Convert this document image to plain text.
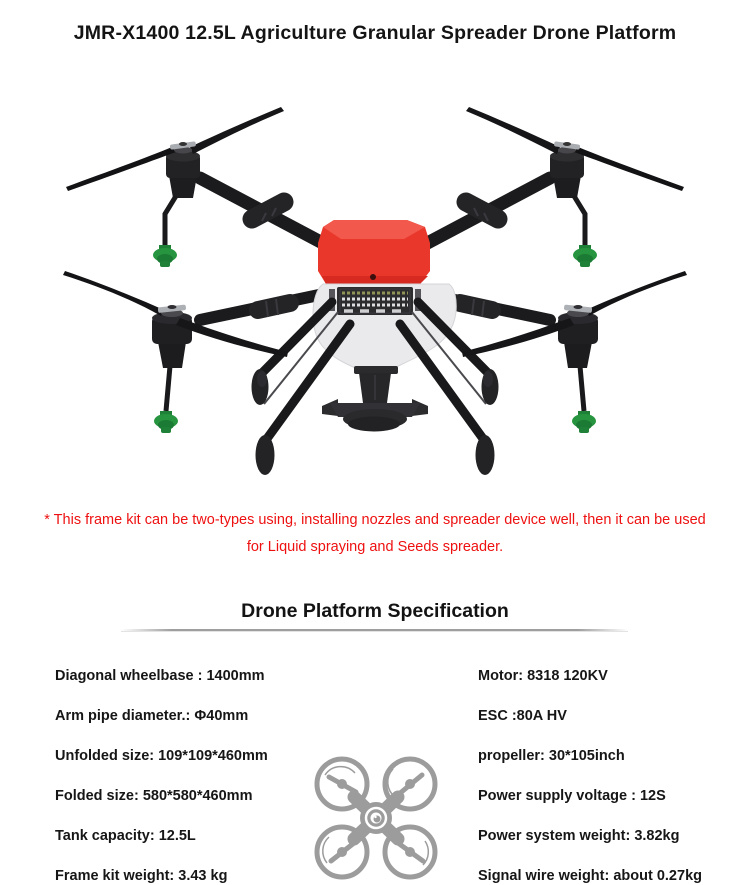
JMR-X1400 12.5L Agriculture Granular Spreader Drone Platform

* This frame kit can be two-types using, installing nozzles and spreader device well, then it can be used
for Liquid spraying and Seeds spreader.

Drone Platform Specification
Diagonal wheelbase : 1400mm
Arm pipe diameter.: Φ40mm
Unfolded size: 109*109*460mm
Folded size: 580*580*460mm
Tank capacity: 12.5L
Frame kit weight: 3.43 kg
Motor: 8318 120KV
ESC :80A HV
propeller: 30*105inch
Power supply voltage : 12S
Power system weight: 3.82kg
Signal wire weight: about 0.27kg
